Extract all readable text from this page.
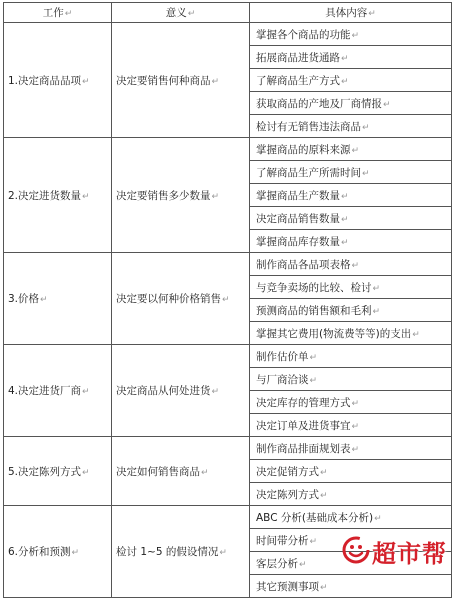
工作↵	意义↵	具体内容↵
1.决定商品品项↵	决定要销售何种商品↵	掌握各个商品的功能↵
		拓展商品进货通路↵
		了解商品生产方式↵
		获取商品的产地及厂商情报↵
		检讨有无销售违法商品↵
2.决定进货数量↵	决定要销售多少数量↵	掌握商品的原料来源↵
		了解商品生产所需时间↵
		掌握商品生产数量↵
		决定商品销售数量↵
		掌握商品库存数量↵
3.价格↵	决定要以何种价格销售↵	制作商品各品项表格↵
		与竞争卖场的比较、检讨↵
		预测商品的销售额和毛利↵
		掌握其它费用(物流费等等)的支出↵
4.决定进货厂商↵	决定商品从何处进货↵	制作估价单↵
		与厂商洽谈↵
		决定库存的管理方式↵
		决定订单及进货事宜↵
5.决定陈列方式↵	决定如何销售商品↵	制作商品排面规划表↵
		决定促销方式↵
		决定陈列方式↵
6.分析和预测↵	检讨 1~5 的假设情况↵	ABC 分析(基础成本分析)↵
		时间带分析↵
		客层分析↵
		其它预测事项↵
超市帮
